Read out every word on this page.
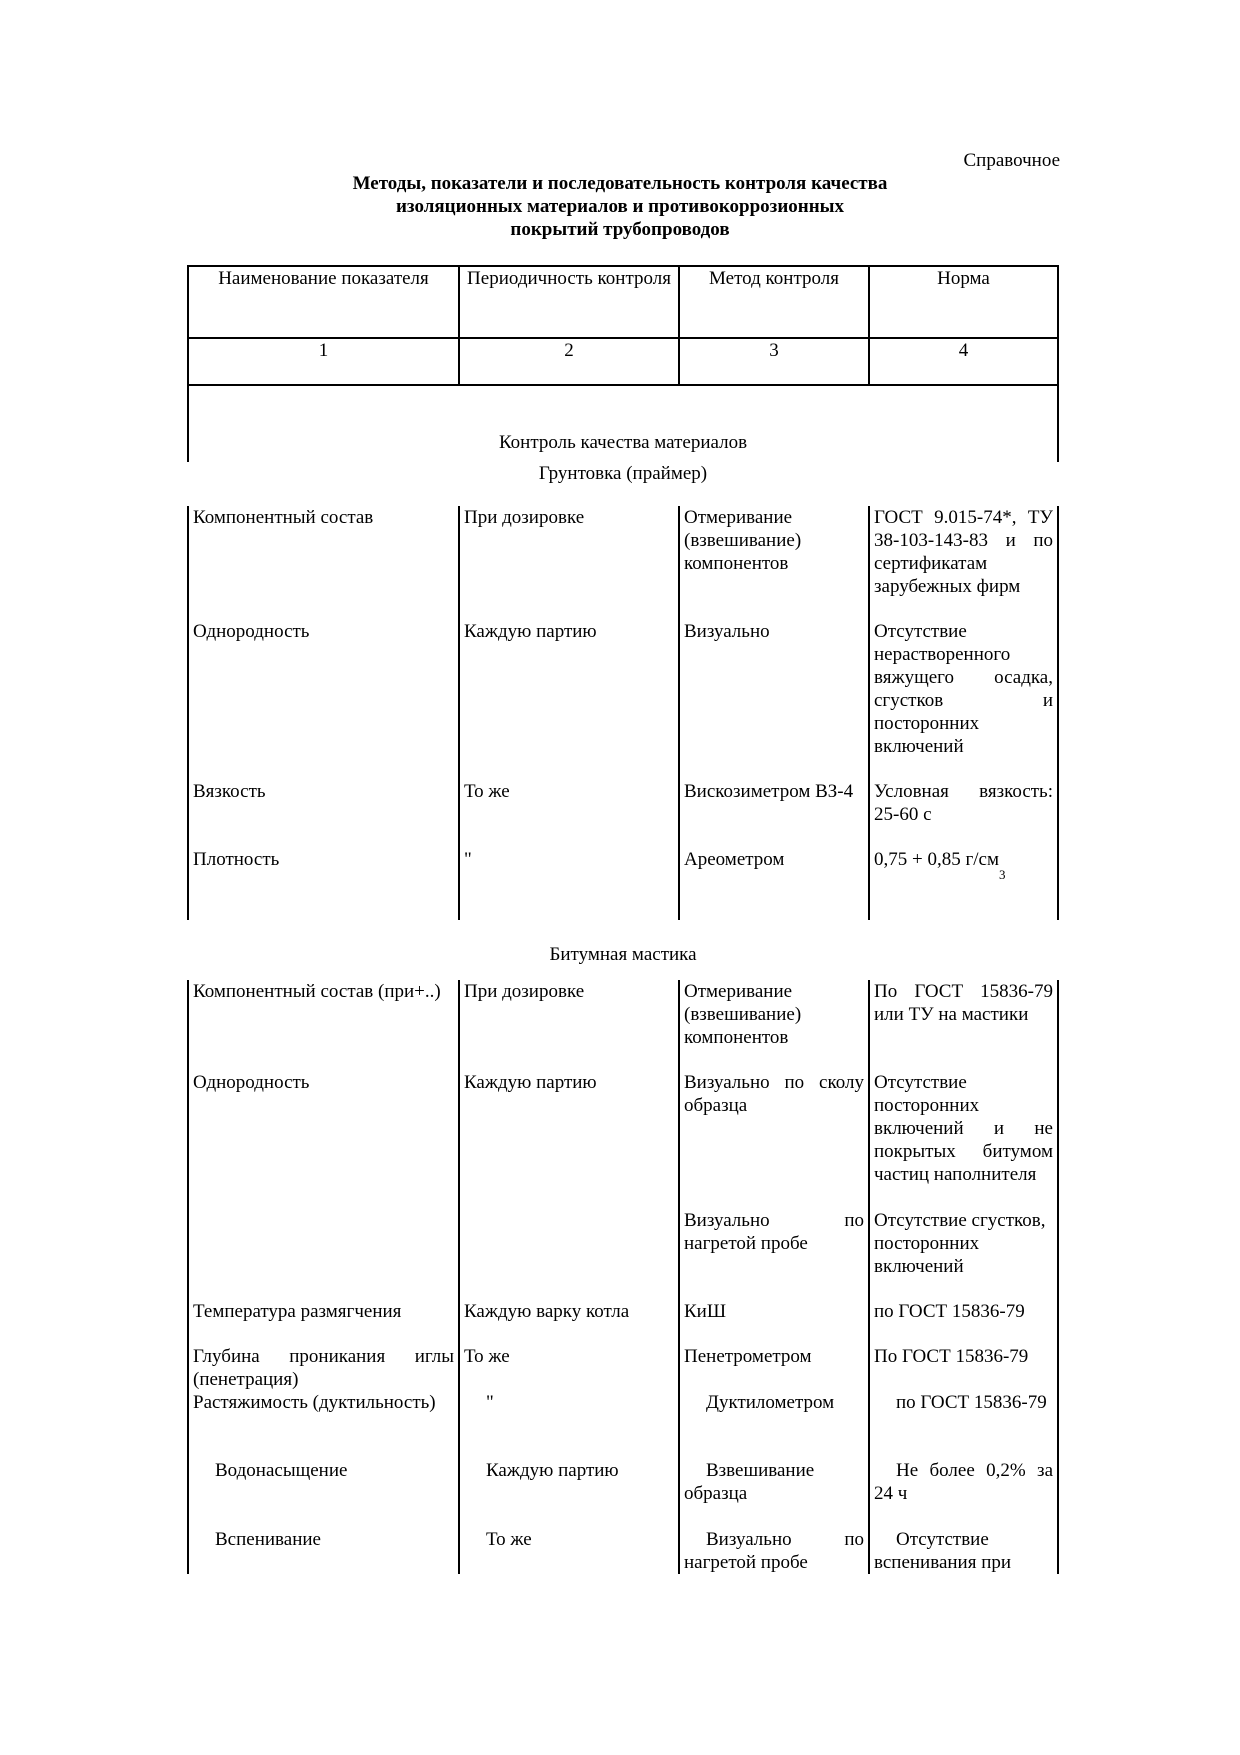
Справочное
Методы, показатели и последовательность контроля качества
изоляционных материалов и противокоррозионных
покрытий трубопроводов
Наименование показателя	Периодичность контроля	Метод контроля	Норма
1	2	3	4
Контроль качества материалов			
Грунтовка (праймер)			
Компонентный состав	При дозировке	Отмеривание (взвешивание) компонентов	ГОСТ 9.015-74*, ТУ 38-103-143-83 и по сертификатам зарубежных фирм
Однородность	Каждую партию	Визуально	Отсутствие нерастворенного вяжущего осадка, сгустков и посторонних включений
Вязкость	То же	Вискозиметром ВЗ-4	Условная вязкость: 25-60 с
Плотность	"	Ареометром	0,75 + 0,85 $г/см^3$
Битумная мастика			
Компонентный состав (при+..)	При дозировке	Отмеривание (взвешивание) компонентов	По ГОСТ 15836-79 или ТУ на мастики
Однородность	Каждую партию	Визуально по сколу образца	Отсутствие посторонних включений и не покрытых битумом частиц наполнителя
		Визуально по нагретой пробе	Отсутствие сгустков, посторонних включений
Температура размягчения	Каждую варку котла	КиШ	по ГОСТ 15836-79
Глубина проникания иглы (пенетрация)	То же	Пенетрометром	По ГОСТ 15836-79
Растяжимость (дуктильность)	"	Дуктилометром	по ГОСТ 15836-79
Водонасыщение	Каждую партию	Взвешивание образца	Не более 0,2% за 24 ч
Вспенивание	То же	Визуально по нагретой пробе	Отсутствие вспенивания при
